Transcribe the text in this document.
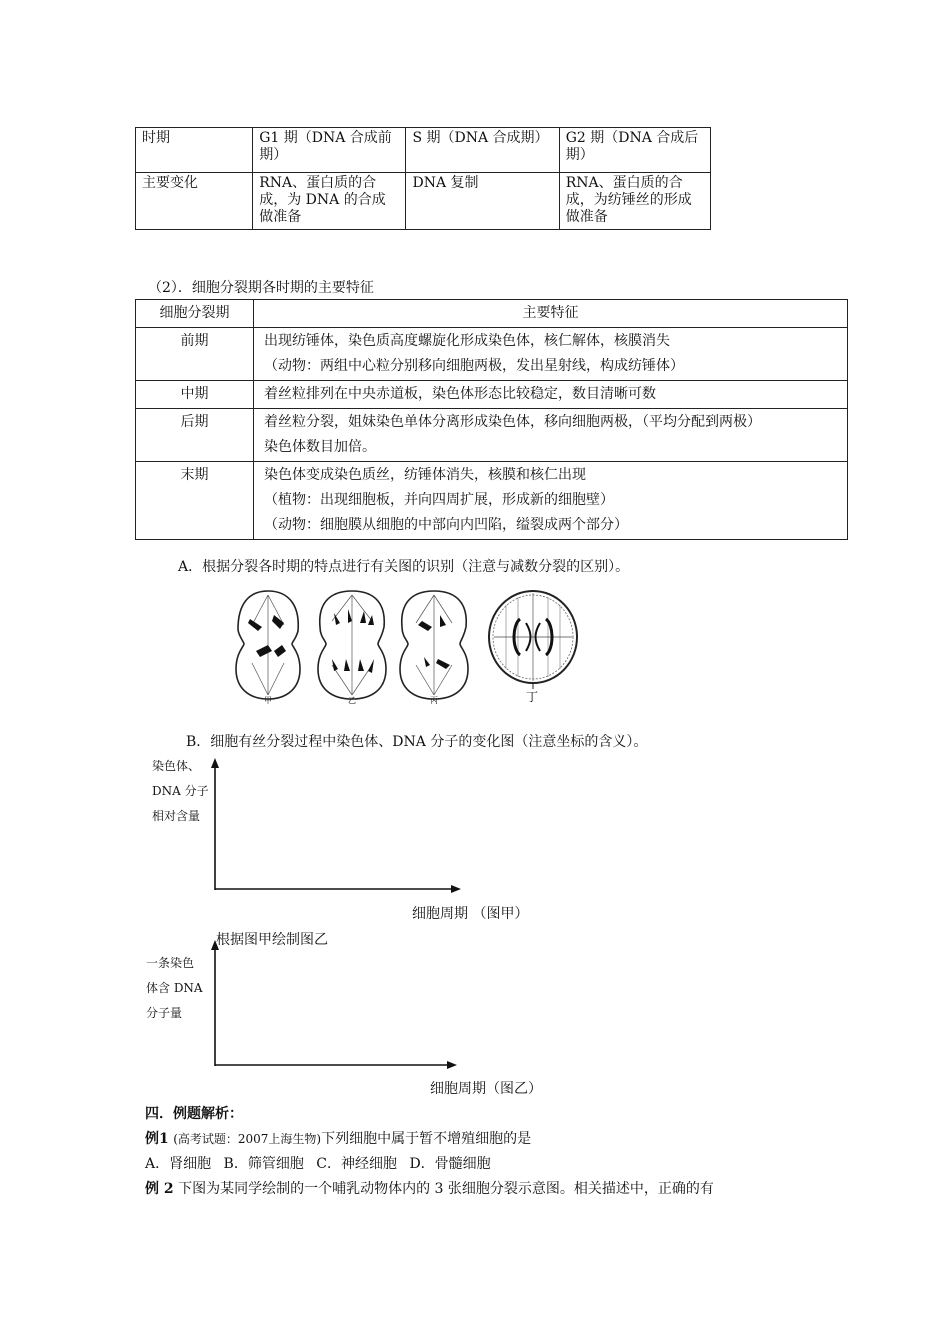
时期	G1 期（DNA 合成前期）	S 期（DNA 合成期）	G2 期（DNA 合成后期）
主要变化	RNA、蛋白质的合成，为 DNA 的合成做准备	DNA 复制	RNA、蛋白质的合成，为纺锤丝的形成做准备
（2）．细胞分裂期各时期的主要特征
细胞分裂期	主要特征
前期	出现纺锤体，染色质高度螺旋化形成染色体，核仁解体，核膜消失
（动物：两组中心粒分别移向细胞两极，发出星射线，构成纺锤体）

中期	着丝粒排列在中央赤道板，染色体形态比较稳定，数目清晰可数

后期	着丝粒分裂，姐妹染色单体分离形成染色体，移向细胞两极，（平均分配到两极）
染色体数目加倍。

末期	染色体变成染色质丝，纺锤体消失，核膜和核仁出现
（植物：出现细胞板，并向四周扩展，形成新的细胞壁）
（动物：细胞膜从细胞的中部向内凹陷，缢裂成两个部分）
A．根据分裂各时期的特点进行有关图的识别（注意与减数分裂的区别）。
甲	乙	丙	丁
B．细胞有丝分裂过程中染色体、DNA 分子的变化图（注意坐标的含义）。
染色体、
DNA 分子
相对含量
细胞周期 （图甲）
根据图甲绘制图乙
一条染色
体含 DNA
分子量
细胞周期（图乙）
四．例题解析：
例1 (高考试题：2007上海生物)下列细胞中属于暂不增殖细胞的是
A．肾细胞 B．筛管细胞 C．神经细胞 D．骨髓细胞
例 2 下图为某同学绘制的一个哺乳动物体内的 3 张细胞分裂示意图。相关描述中，正确的有
